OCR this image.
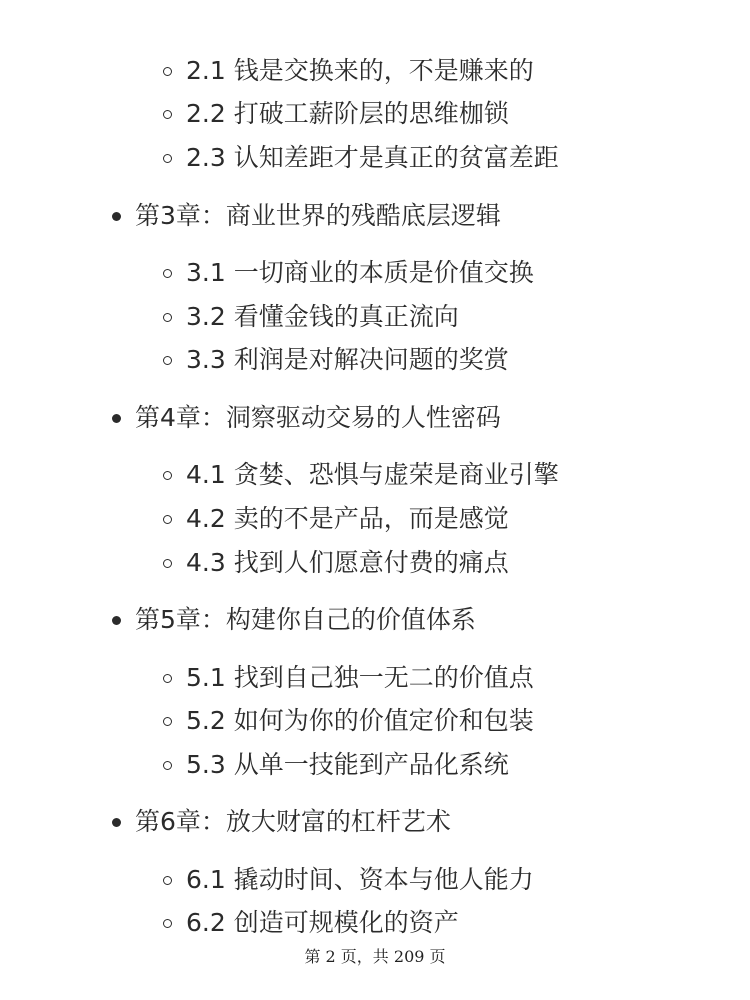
2.1 钱是交换来的，不是赚来的
2.2 打破工薪阶层的思维枷锁
2.3 认知差距才是真正的贫富差距
第3章：商业世界的残酷底层逻辑
3.1 一切商业的本质是价值交换
3.2 看懂金钱的真正流向
3.3 利润是对解决问题的奖赏
第4章：洞察驱动交易的人性密码
4.1 贪婪、恐惧与虚荣是商业引擎
4.2 卖的不是产品，而是感觉
4.3 找到人们愿意付费的痛点
第5章：构建你自己的价值体系
5.1 找到自己独一无二的价值点
5.2 如何为你的价值定价和包装
5.3 从单一技能到产品化系统
第6章：放大财富的杠杆艺术
6.1 撬动时间、资本与他人能力
6.2 创造可规模化的资产
第 2 页，共 209 页
